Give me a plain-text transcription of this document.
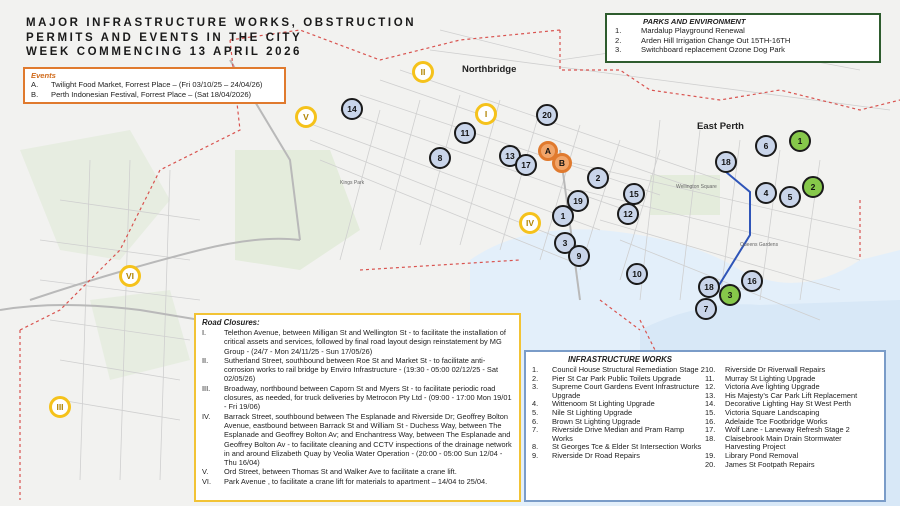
Kings Park
Wellington Square
Queens Gardens
MAJOR INFRASTRUCTURE WORKS, OBSTRUCTION
PERMITS AND EVENTS IN THE CITY
WEEK COMMENCING 13 APRIL 2026
Events
A.	Twilight Food Market, Forrest Place – (Fri 03/10/25 – 24/04/26)
B.	Perth Indonesian Festival, Forrest Place – (Sat 18/04/2026)
PARKS AND ENVIRONMENT
1.	Mardalup Playground Renewal
2.	Arden Hill Irrigation Change Out 15TH-16TH
3.	Switchboard replacement Ozone Dog Park
Road Closures:
I.	Telethon Avenue, between Milligan St and Wellington St - to facilitate the installation of critical assets and services, followed by final road layout design reinstatement by MG Group - (24/7 - Mon 24/11/25 - Sun 17/05/26)
II.	Sutherland Street, southbound between Roe St and Market St - to facilitate anti-corrosion works to rail bridge by Enviro Infrastructure - (19:30 - 05:00 02/12/25 - Sat 02/05/26)
III.	Broadway, northbound between Caporn St and Myers St - to facilitate periodic road closures, as needed, for truck deliveries by Metrocon Pty Ltd - (09:00 - 17:00 Mon 19/01 - Fri 19/06)
IV.	Barrack Street, southbound between The Esplanade and Riverside Dr; Geoffrey Bolton Avenue, eastbound between Barrack St and William St - Duchess Way, between The Esplanade and Geoffrey Bolton Av; and Enchantress Way, between The Esplanade and Geoffrey Bolton Av - to facilitate cleaning and CCTV inspections of the drainage network in and around Elizabeth Quay by Veolia Water Operation - (20:00 - 05:00 Sun 12/04 - Thu 16/04)
V.	Ord Street, between Thomas St and Walker Ave to facilitate a crane lift.
VI.	Park Avenue , to facilitate a crane lift for materials to apartment – 14/04 to 25/04.
INFRASTRUCTURE WORKS
1.	Council House Structural Remediation Stage 2
2.	Pier St Car Park Public Toilets Upgrade
3.	Supreme Court Gardens Event Infrastructure Upgrade
4.	Wittenoom St Lighting Upgrade
5.	Nile St Lighting Upgrade
6.	Brown St Lighting Upgrade
7.	Riverside Drive Median and Pram Ramp Works
8.	St Georges Tce & Elder St Intersection Works
9.	Riverside Dr Road Repairs
10.	Riverside Dr Riverwall Repairs
11.	Murray St Lighting Upgrade
12.	Victoria Ave lighting Upgrade
13.	His Majesty’s Car Park Lift Replacement
14.	Decorative Lighting Hay St West Perth
15.	Victoria Square Landscaping
16.	Adelaide Tce Footbridge Works
17.	Wolf Lane - Laneway Refresh Stage 2
18.	Claisebrook Main Drain Stormwater Harvesting Project
19.	Library Pond Removal
20.	James St Footpath Repairs
Northbridge
East Perth
14
11
20
8	13
17
2
19
15
1	12
3
9
10
18
6
4	5
18
16
7
1
2
3
I
II
III
IV
V
VI
A
B
